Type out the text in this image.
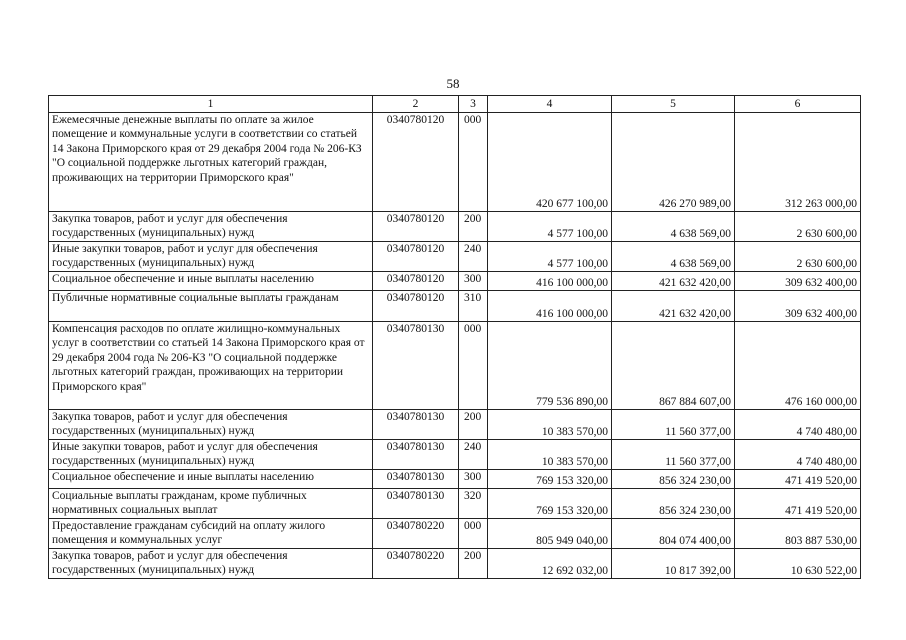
58
1	2	3	4	5	6
Ежемесячные денежные выплаты по оплате за жилое помещение и коммунальные услуги в соответствии со статьей 14 Закона Приморского края от 29 декабря 2004 года № 206-КЗ "О социальной поддержке льготных категорий граждан, проживающих на территории Приморского края"	0340780120	000	420 677 100,00	426 270 989,00	312 263 000,00
Закупка товаров, работ и услуг для обеспечения государственных (муниципальных) нужд	0340780120	200	4 577 100,00	4 638 569,00	2 630 600,00
Иные закупки товаров, работ и услуг для обеспечения государственных (муниципальных) нужд	0340780120	240	4 577 100,00	4 638 569,00	2 630 600,00
Социальное обеспечение и иные выплаты населению	0340780120	300	416 100 000,00	421 632 420,00	309 632 400,00
Публичные нормативные социальные выплаты гражданам	0340780120	310	416 100 000,00	421 632 420,00	309 632 400,00
Компенсация расходов по оплате жилищно-коммунальных услуг в соответствии со статьей 14 Закона Приморского края от 29 декабря 2004 года № 206-КЗ "О социальной поддержке льготных категорий граждан, проживающих на территории Приморского края"	0340780130	000	779 536 890,00	867 884 607,00	476 160 000,00
Закупка товаров, работ и услуг для обеспечения государственных (муниципальных) нужд	0340780130	200	10 383 570,00	11 560 377,00	4 740 480,00
Иные закупки товаров, работ и услуг для обеспечения государственных (муниципальных) нужд	0340780130	240	10 383 570,00	11 560 377,00	4 740 480,00
Социальное обеспечение и иные выплаты населению	0340780130	300	769 153 320,00	856 324 230,00	471 419 520,00
Социальные выплаты гражданам, кроме публичных нормативных социальных выплат	0340780130	320	769 153 320,00	856 324 230,00	471 419 520,00
Предоставление гражданам субсидий на оплату жилого помещения и коммунальных услуг	0340780220	000	805 949 040,00	804 074 400,00	803 887 530,00
Закупка товаров, работ и услуг для обеспечения государственных (муниципальных) нужд	0340780220	200	12 692 032,00	10 817 392,00	10 630 522,00
